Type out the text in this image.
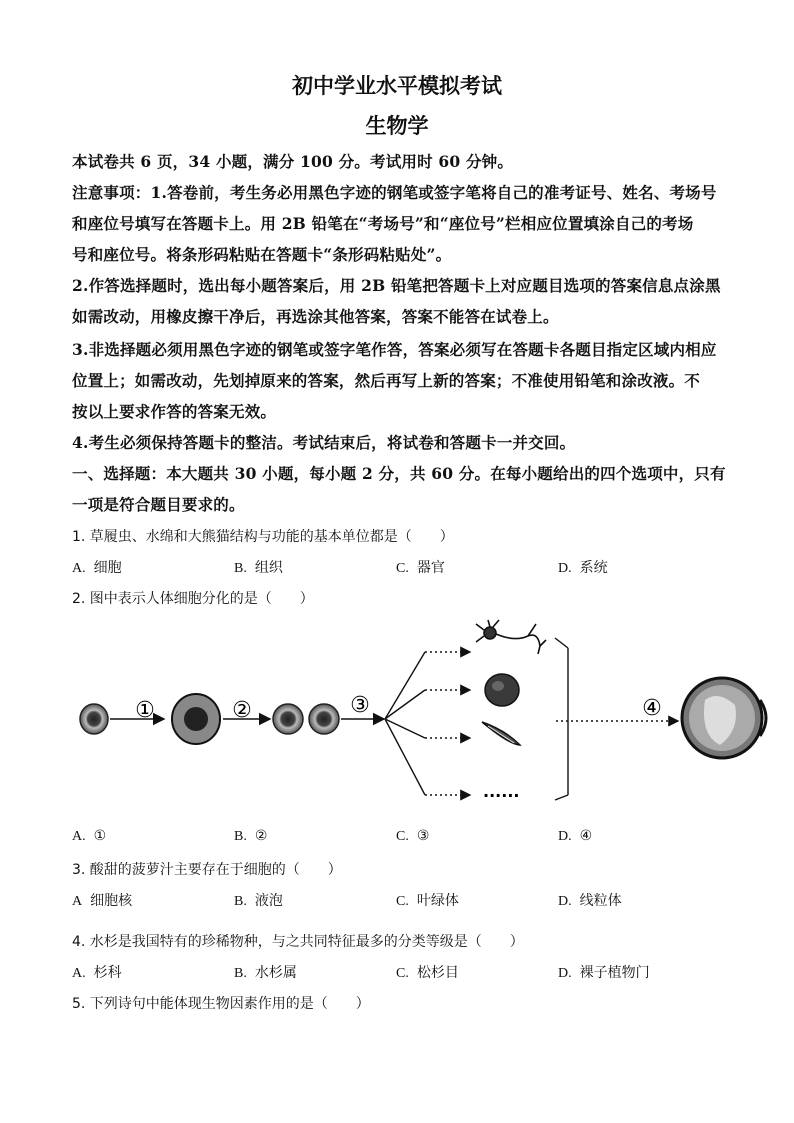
初中学业水平模拟考试
生物学
本试卷共 6 页，34 小题，满分 100 分。考试用时 60 分钟。
注意事项：1.答卷前，考生务必用黑色字迹的钢笔或签字笔将自己的准考证号、姓名、考场号
和座位号填写在答题卡上。用 2B 铅笔在“考场号”和“座位号”栏相应位置填涂自己的考场
号和座位号。将条形码粘贴在答题卡“条形码粘贴处”。
2.作答选择题时，选出每小题答案后，用 2B 铅笔把答题卡上对应题目选项的答案信息点涂黑
如需改动，用橡皮擦干净后，再选涂其他答案，答案不能答在试卷上。
3.非选择题必须用黑色字迹的钢笔或签字笔作答，答案必须写在答题卡各题目指定区域内相应
位置上；如需改动，先划掉原来的答案，然后再写上新的答案；不准使用铅笔和涂改液。不
按以上要求作答的答案无效。
4.考生必须保持答题卡的整洁。考试结束后，将试卷和答题卡一并交回。
一、选择题：本大题共 30 小题，每小题 2 分，共 60 分。在每小题给出的四个选项中，只有
一项是符合题目要求的。
1. 草履虫、水绵和大熊猫结构与功能的基本单位都是（　　）
A. 细胞	B. 组织	C. 器官	D. 系统
2. 图中表示人体细胞分化的是（　　）
①	②	③
······
④
A. ①	B. ②	C. ③	D. ④
3. 酸甜的菠萝汁主要存在于细胞的（　　）
A 细胞核	B. 液泡	C. 叶绿体	D. 线粒体
4. 水杉是我国特有的珍稀物种，与之共同特征最多的分类等级是（　　）
A. 杉科	B. 水杉属	C. 松杉目	D. 裸子植物门
5. 下列诗句中能体现生物因素作用的是（　　）
